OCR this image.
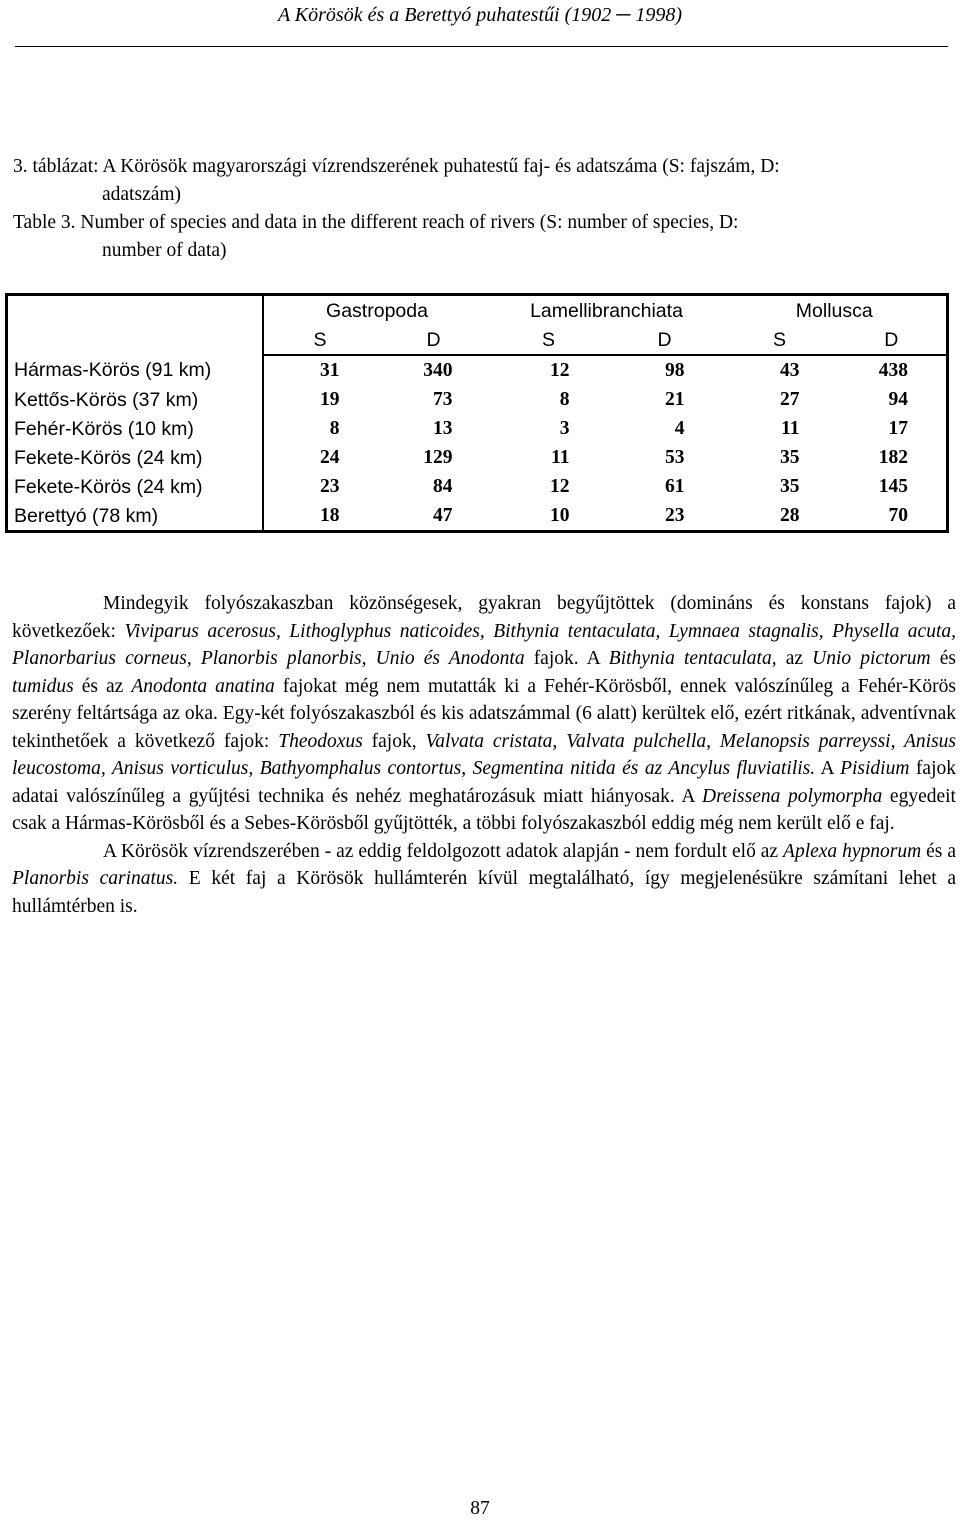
A Körösök és a Berettyó puhatestűi (1902 ─ 1998)
3. táblázat: A Körösök magyarországi vízrendszerének puhatestű faj- és adatszáma (S: fajszám, D:
adatszám)
Table 3. Number of species and data in the different reach of rivers (S: number of species, D:
number of data)
	Gastropoda		Lamellibranchiata		Mollusca	
	S	D	S	D	S	D
Hármas-Körös (91 km)	31	340	12	98	43	438
Kettős-Körös (37 km)	19	73	8	21	27	94
Fehér-Körös (10 km)	8	13	3	4	11	17
Fekete-Körös (24 km)	24	129	11	53	35	182
Fekete-Körös (24 km)	23	84	12	61	35	145
Berettyó (78 km)	18	47	10	23	28	70

Mindegyik folyószakaszban közönségesek, gyakran begyűjtöttek (domináns és konstans fajok) a következőek: Viviparus acerosus, Lithoglyphus naticoides, Bithynia tentaculata, Lymnaea stagnalis, Physella acuta, Planorbarius corneus, Planorbis planorbis, Unio és Anodonta fajok. A Bithynia tentaculata, az Unio pictorum és tumidus és az Anodonta anatina fajokat még nem mutatták ki a Fehér-Körösből, ennek valószínűleg a Fehér-Körös szerény feltártsága az oka. Egy-két folyószakaszból és kis adatszámmal (6 alatt) kerültek elő, ezért ritkának, adventívnak tekinthetőek a következő fajok: Theodoxus fajok, Valvata cristata, Valvata pulchella, Melanopsis parreyssi, Anisus leucostoma, Anisus vorticulus, Bathyomphalus contortus, Segmentina nitida és az Ancylus fluviatilis. A Pisidium fajok adatai valószínűleg a gyűjtési technika és nehéz meghatározásuk miatt hiányosak. A Dreissena polymorpha egyedeit csak a Hármas-Körösből és a Sebes-Körösből gyűjtötték, a többi folyószakaszból eddig még nem került elő e faj.

A Körösök vízrendszerében - az eddig feldolgozott adatok alapján - nem fordult elő az Aplexa hypnorum és a Planorbis carinatus. E két faj a Körösök hullámterén kívül megtalálható, így megjelenésükre számítani lehet a hullámtérben is.

87
